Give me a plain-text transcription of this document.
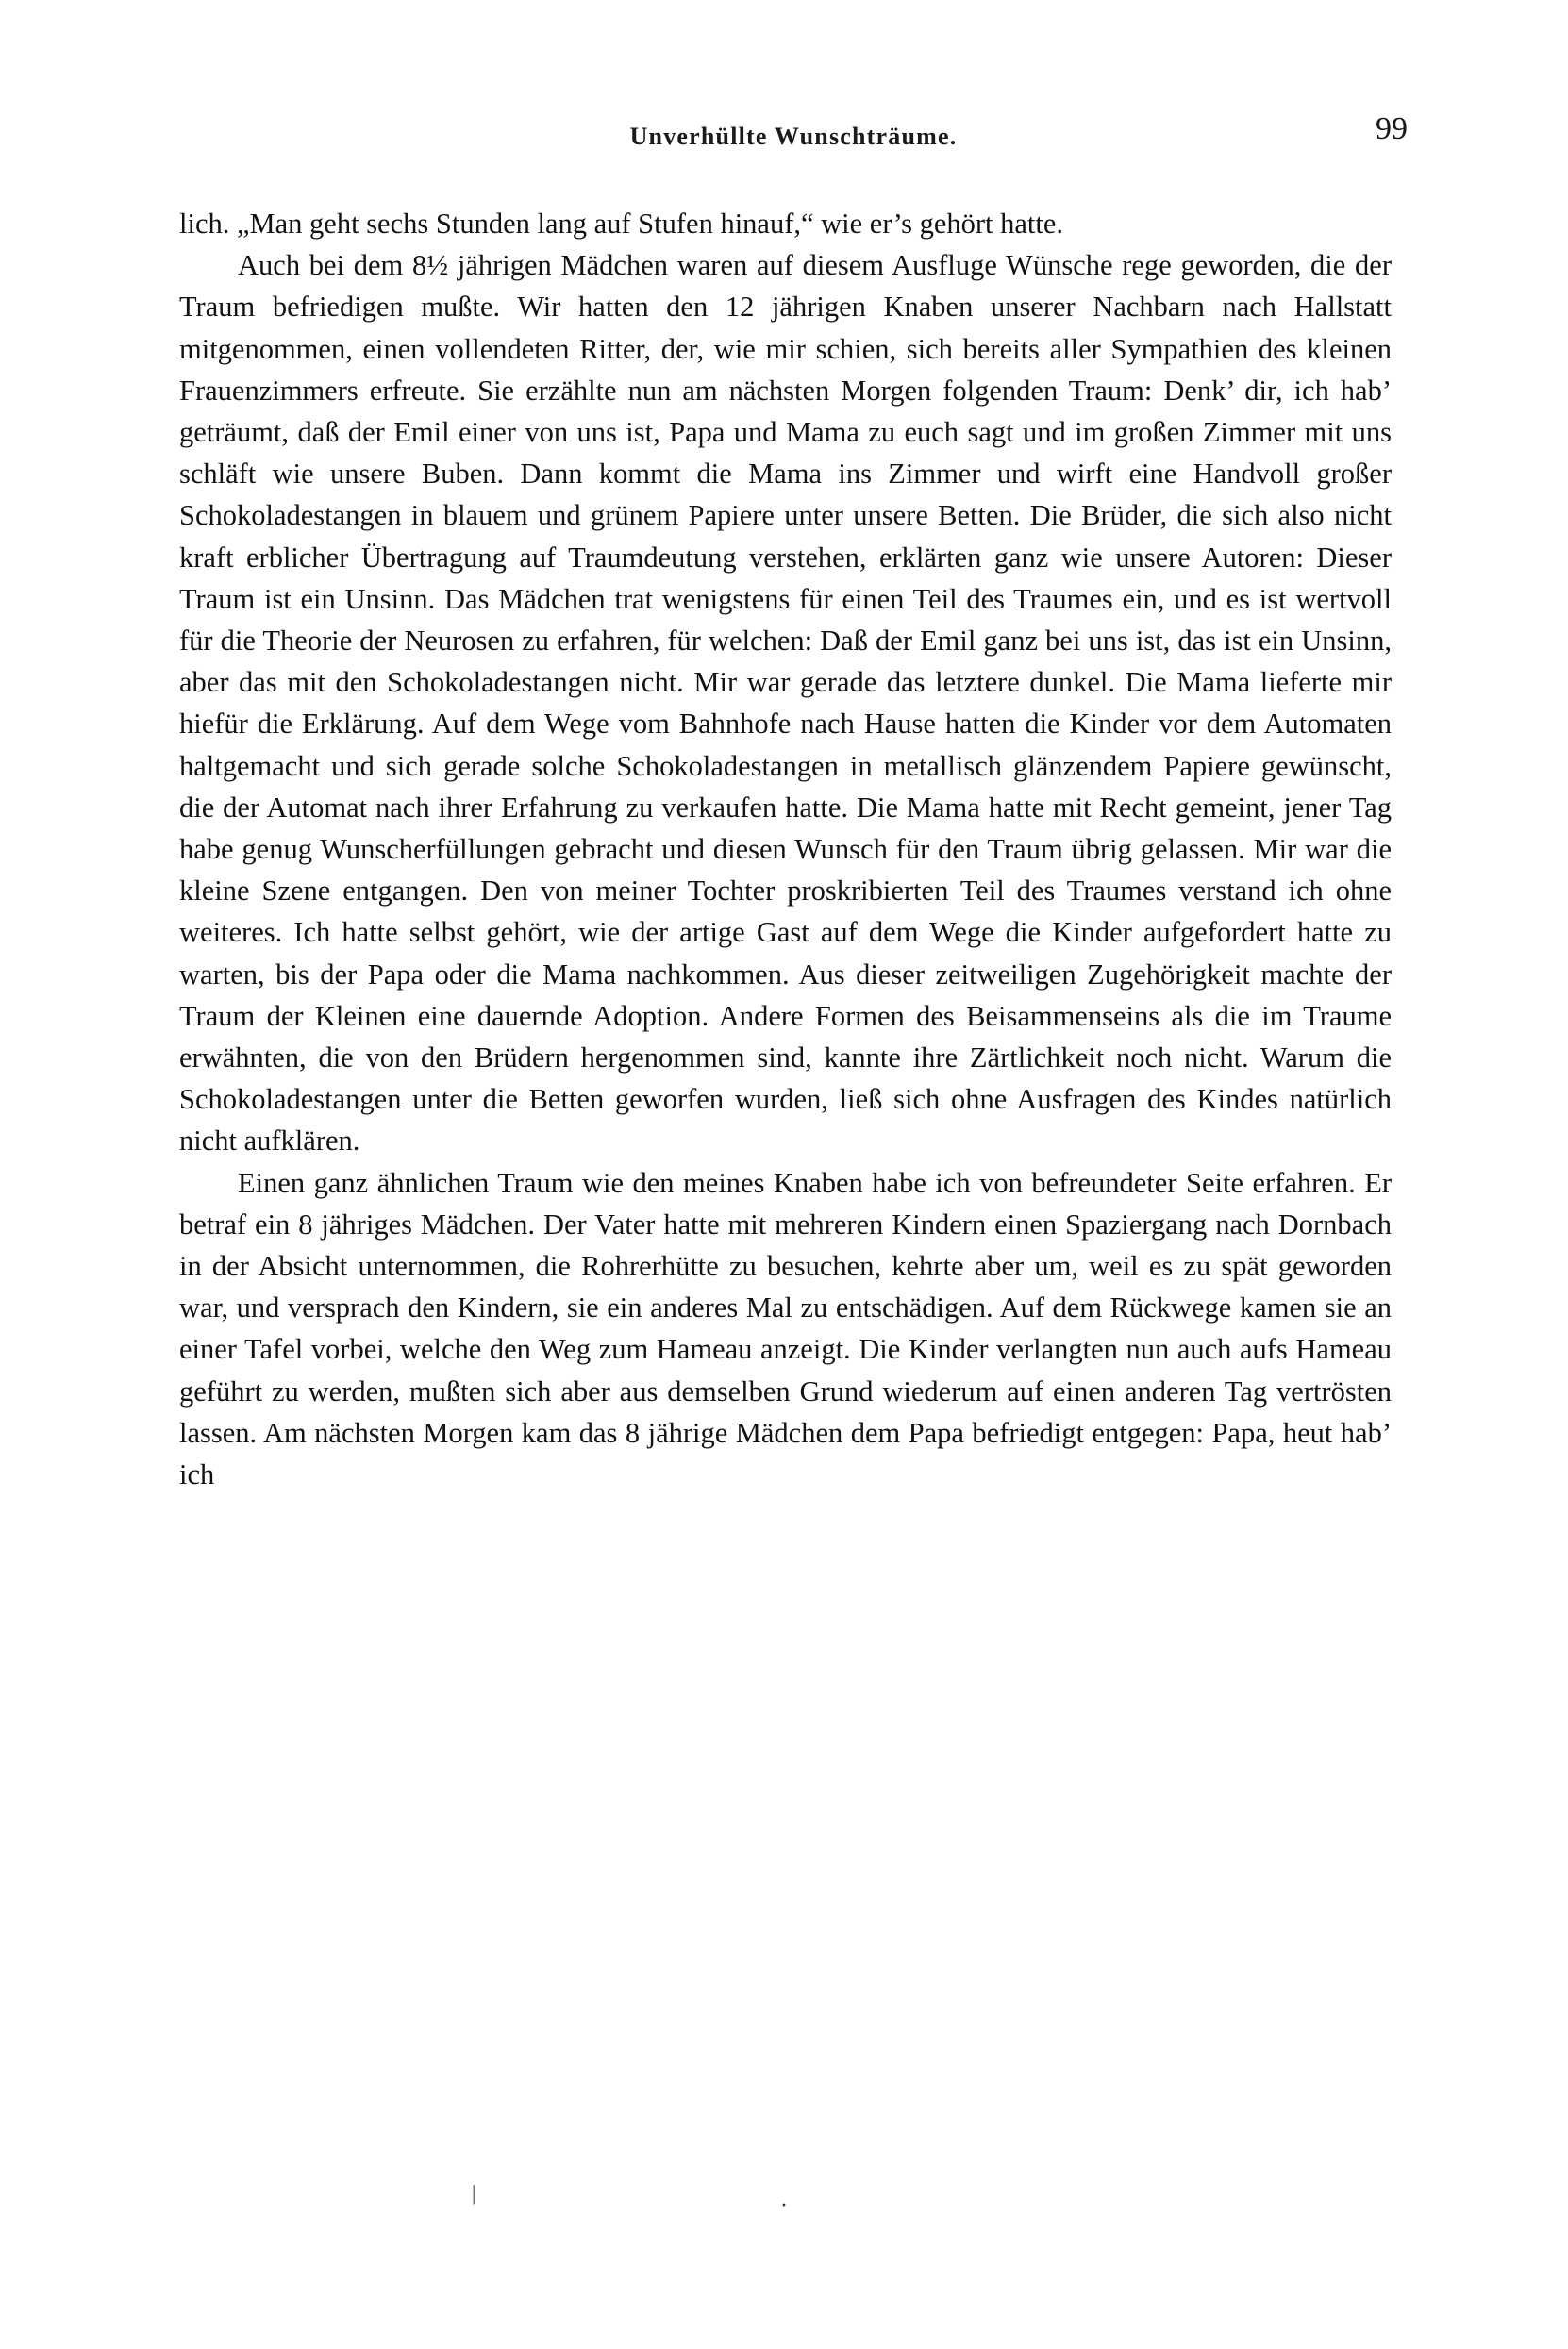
Unverhüllte Wunschträume.	99

lich. „Man geht sechs Stunden lang auf Stufen hinauf,“ wie er’s gehört hatte.

Auch bei dem 8½ jährigen Mädchen waren auf diesem Ausfluge Wünsche rege geworden, die der Traum befriedigen mußte. Wir hatten den 12 jährigen Knaben unserer Nachbarn nach Hallstatt mitgenommen, einen vollendeten Ritter, der, wie mir schien, sich bereits aller Sympathien des kleinen Frauenzimmers erfreute. Sie erzählte nun am nächsten Morgen folgenden Traum: Denk’ dir, ich hab’ geträumt, daß der Emil einer von uns ist, Papa und Mama zu euch sagt und im großen Zimmer mit uns schläft wie unsere Buben. Dann kommt die Mama ins Zimmer und wirft eine Handvoll großer Schokoladestangen in blauem und grünem Papiere unter unsere Betten. Die Brüder, die sich also nicht kraft erblicher Übertragung auf Traumdeutung verstehen, erklärten ganz wie unsere Autoren: Dieser Traum ist ein Unsinn. Das Mädchen trat wenigstens für einen Teil des Traumes ein, und es ist wertvoll für die Theorie der Neurosen zu erfahren, für welchen: Daß der Emil ganz bei uns ist, das ist ein Unsinn, aber das mit den Schokoladestangen nicht. Mir war gerade das letztere dunkel. Die Mama lieferte mir hiefür die Erklärung. Auf dem Wege vom Bahnhofe nach Hause hatten die Kinder vor dem Automaten haltgemacht und sich gerade solche Schokoladestangen in metallisch glänzendem Papiere gewünscht, die der Automat nach ihrer Erfahrung zu verkaufen hatte. Die Mama hatte mit Recht gemeint, jener Tag habe genug Wunscherfüllungen gebracht und diesen Wunsch für den Traum übrig gelassen. Mir war die kleine Szene entgangen. Den von meiner Tochter proskribierten Teil des Traumes verstand ich ohne weiteres. Ich hatte selbst gehört, wie der artige Gast auf dem Wege die Kinder aufgefordert hatte zu warten, bis der Papa oder die Mama nachkommen. Aus dieser zeitweiligen Zugehörigkeit machte der Traum der Kleinen eine dauernde Adoption. Andere Formen des Beisammenseins als die im Traume erwähnten, die von den Brüdern hergenommen sind, kannte ihre Zärtlichkeit noch nicht. Warum die Schokoladestangen unter die Betten geworfen wurden, ließ sich ohne Ausfragen des Kindes natürlich nicht aufklären.

Einen ganz ähnlichen Traum wie den meines Knaben habe ich von befreundeter Seite erfahren. Er betraf ein 8 jähriges Mädchen. Der Vater hatte mit mehreren Kindern einen Spaziergang nach Dornbach in der Absicht unternommen, die Rohrerhütte zu besuchen, kehrte aber um, weil es zu spät geworden war, und versprach den Kindern, sie ein anderes Mal zu entschädigen. Auf dem Rückwege kamen sie an einer Tafel vorbei, welche den Weg zum Hameau anzeigt. Die Kinder verlangten nun auch aufs Hameau geführt zu werden, mußten sich aber aus demselben Grund wiederum auf einen anderen Tag vertrösten lassen. Am nächsten Morgen kam das 8 jährige Mädchen dem Papa befriedigt entgegen: Papa, heut hab’ ich

|
·
